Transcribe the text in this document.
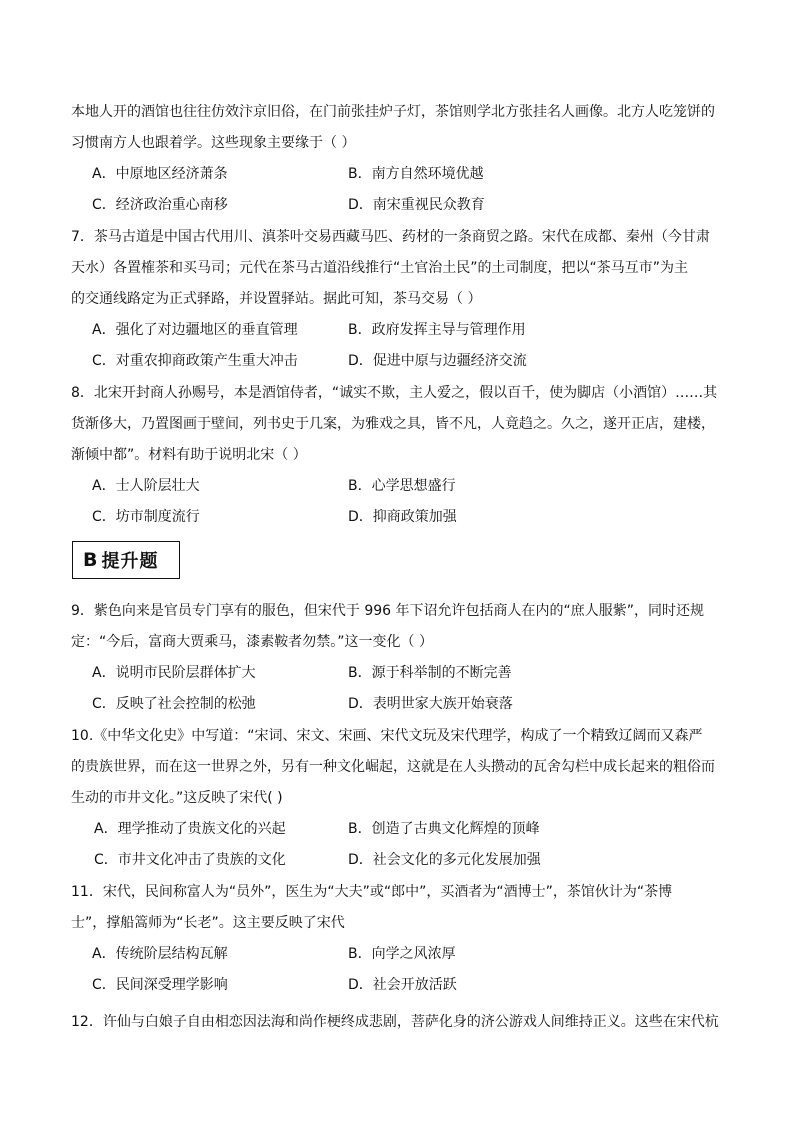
本地人开的酒馆也往往仿效汴京旧俗，在门前张挂炉子灯，茶馆则学北方张挂名人画像。北方人吃笼饼的
习惯南方人也跟着学。这些现象主要缘于（ ）
A．中原地区经济萧条	B．南方自然环境优越
C．经济政治重心南移	D．南宋重视民众教育
7．茶马古道是中国古代用川、滇茶叶交易西藏马匹、药材的一条商贸之路。宋代在成都、秦州（今甘肃
天水）各置榷茶和买马司；元代在茶马古道沿线推行“土官治土民”的土司制度，把以“茶马互市”为主
的交通线路定为正式驿路，并设置驿站。据此可知，茶马交易（ ）
A．强化了对边疆地区的垂直管理	B．政府发挥主导与管理作用
C．对重农抑商政策产生重大冲击	D．促进中原与边疆经济交流
8．北宋开封商人孙赐号，本是酒馆侍者，“诚实不欺，主人爱之，假以百千，使为脚店（小酒馆）……其
货渐侈大，乃置图画于壁间，列书史于几案，为雅戏之具，皆不凡，人竟趋之。久之，遂开正店，建楼，
渐倾中都”。材料有助于说明北宋（ ）
A．士人阶层壮大	B．心学思想盛行
C．坊市制度流行	D．抑商政策加强
B 提升题
9．紫色向来是官员专门享有的服色，但宋代于 996 年下诏允许包括商人在内的“庶人服紫”，同时还规
定：“今后，富商大贾乘马，漆素鞍者勿禁。”这一变化（ ）
A．说明市民阶层群体扩大	B．源于科举制的不断完善
C．反映了社会控制的松弛	D．表明世家大族开始衰落
10.《中华文化史》中写道：“宋词、宋文、宋画、宋代文玩及宋代理学，构成了一个精致辽阔而又森严
的贵族世界，而在这一世界之外，另有一种文化崛起，这就是在人头攒动的瓦舍勾栏中成长起来的粗俗而
生动的市井文化。”这反映了宋代( )
A．理学推动了贵族文化的兴起	B．创造了古典文化辉煌的顶峰
C．市井文化冲击了贵族的文化	D．社会文化的多元化发展加强
11．宋代，民间称富人为“员外”，医生为“大夫”或“郎中”，买酒者为“酒博士”，茶馆伙计为“茶博
士”，撑船篙师为“长老”。这主要反映了宋代
A．传统阶层结构瓦解	B．向学之风浓厚
C．民间深受理学影响	D．社会开放活跃
12．许仙与白娘子自由相恋因法海和尚作梗终成悲剧，菩萨化身的济公游戏人间维持正义。这些在宋代杭
